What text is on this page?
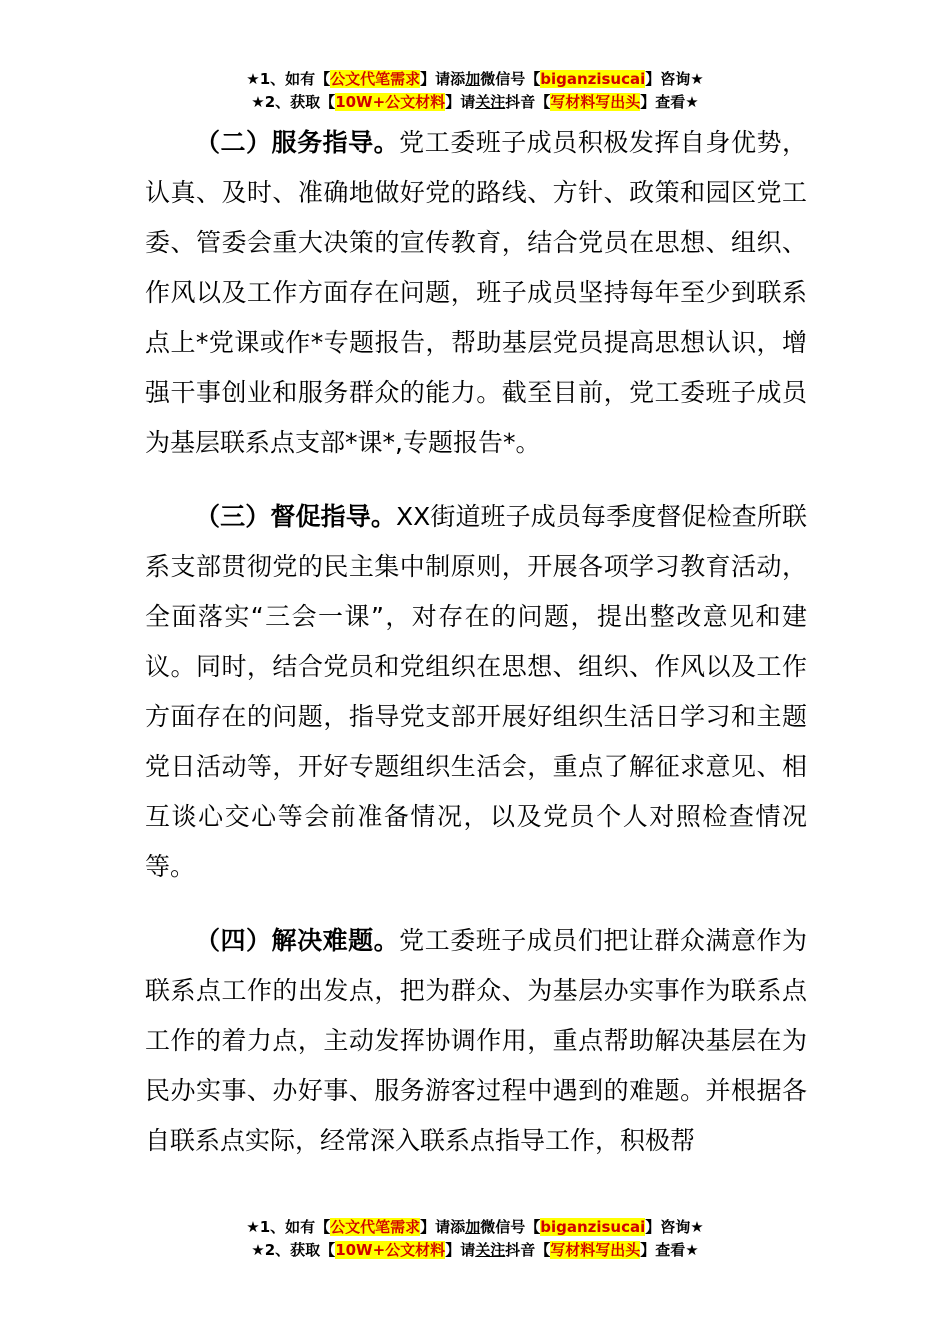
★1、如有【公文代笔需求】请添加微信号【biganzisucai】咨询★
★2、获取【10W+公文材料】请关注抖音【写材料写出头】查看★

（二）服务指导。党工委班子成员积极发挥自身优势，认真、及时、准确地做好党的路线、方针、政策和园区党工委、管委会重大决策的宣传教育，结合党员在思想、组织、作风以及工作方面存在问题，班子成员坚持每年至少到联系点上*党课或作*专题报告，帮助基层党员提高思想认识，增强干事创业和服务群众的能力。截至目前，党工委班子成员为基层联系点支部*课*,专题报告*。

（三）督促指导。XX街道班子成员每季度督促检查所联系支部贯彻党的民主集中制原则，开展各项学习教育活动，全面落实“三会一课”，对存在的问题，提出整改意见和建议。同时，结合党员和党组织在思想、组织、作风以及工作方面存在的问题，指导党支部开展好组织生活日学习和主题党日活动等，开好专题组织生活会，重点了解征求意见、相互谈心交心等会前准备情况，以及党员个人对照检查情况等。

（四）解决难题。党工委班子成员们把让群众满意作为联系点工作的出发点，把为群众、为基层办实事作为联系点工作的着力点，主动发挥协调作用，重点帮助解决基层在为民办实事、办好事、服务游客过程中遇到的难题。并根据各自联系点实际，经常深入联系点指导工作，积极帮

★1、如有【公文代笔需求】请添加微信号【biganzisucai】咨询★
★2、获取【10W+公文材料】请关注抖音【写材料写出头】查看★
